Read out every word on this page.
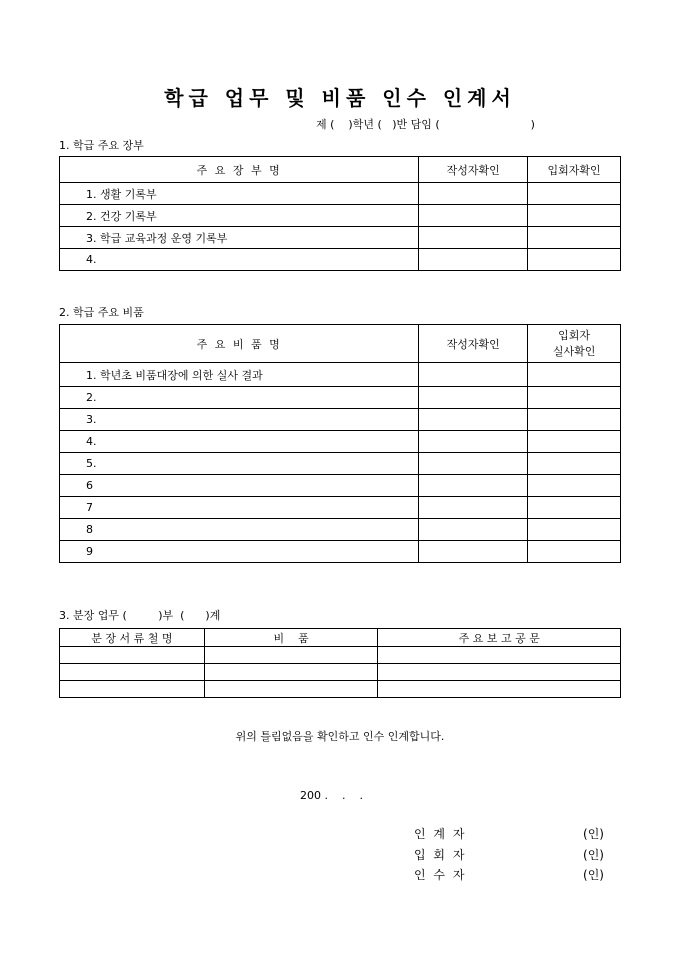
학급 업무 및 비품 인수 인계서
제 (    )학년 (   )반 담임 (                          )
1. 학급 주요 장부
주 요 장 부 명	작성자확인	입회자확인
1. 생활 기록부		
2. 건강 기록부		
3. 학급 교육과정 운영 기록부		
4.		
2. 학급 주요 비품
주 요 비 품 명	작성자확인	입회자
실사확인

1. 학년초 비품대장에 의한 실사 결과		
2.		
3.		
4.		
5.		
6		
7		
8		
9		
3. 분장 업무 (         )부  (      )계
분 장 서 류 철 명	비    품	주 요 보 고 공 문

위의 틀림없음을 확인하고 인수 인계합니다.
200 .    .    .
인 계 자	(인)
입 회 자	(인)
인 수 자	(인)
